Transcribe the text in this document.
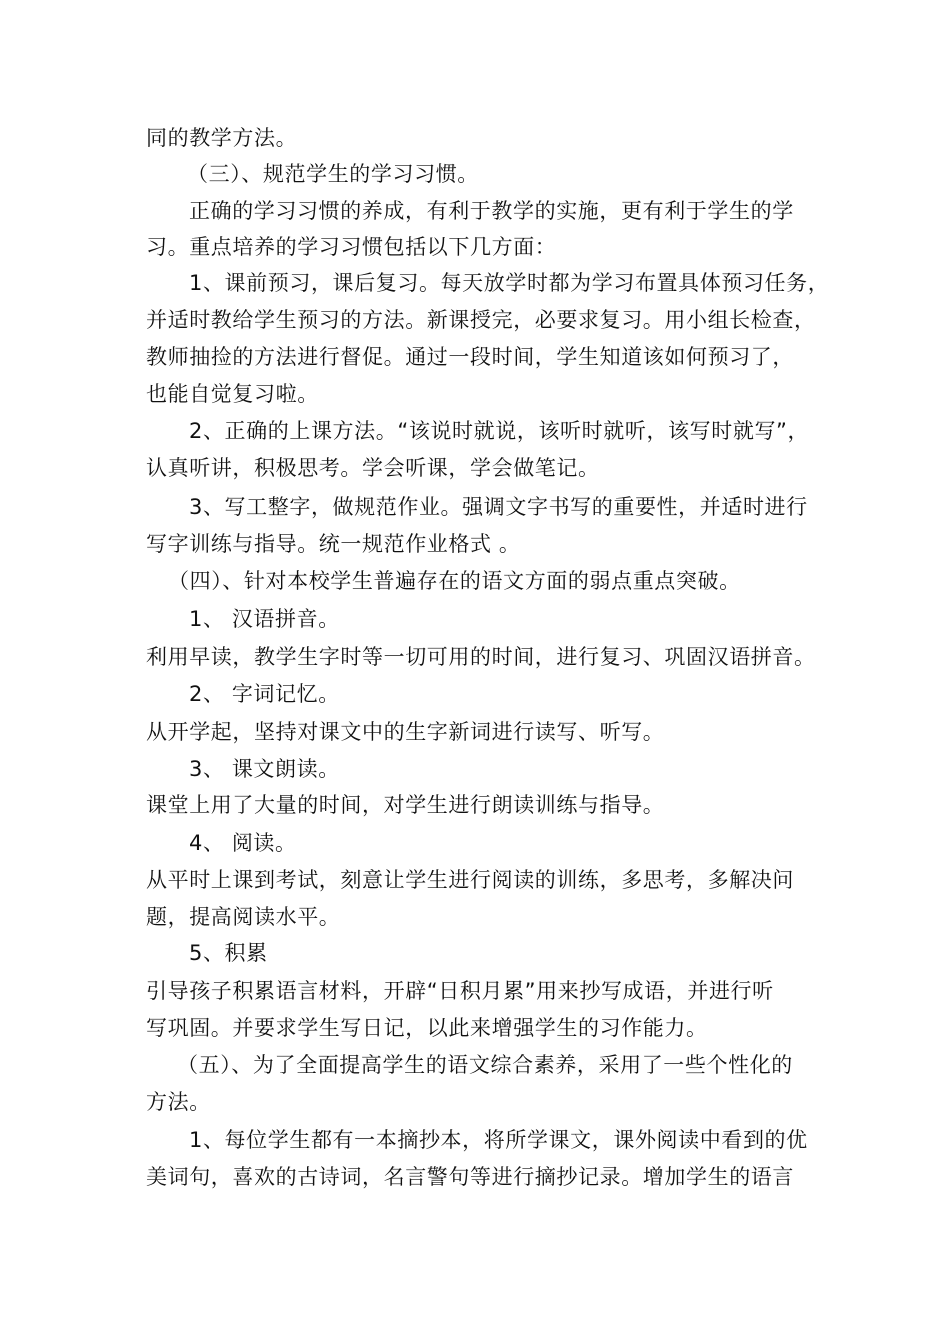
同的教学方法。
（三）、规范学生的学习习惯。
正确的学习习惯的养成，有利于教学的实施，更有利于学生的学
习。重点培养的学习习惯包括以下几方面：
1、课前预习，课后复习。每天放学时都为学习布置具体预习任务，
并适时教给学生预习的方法。新课授完，必要求复习。用小组长检查，
教师抽捡的方法进行督促。通过一段时间，学生知道该如何预习了，
也能自觉复习啦。
2、正确的上课方法。“该说时就说，该听时就听，该写时就写”，
认真听讲，积极思考。学会听课，学会做笔记。
3、写工整字，做规范作业。强调文字书写的重要性，并适时进行
写字训练与指导。统一规范作业格式 。
（四）、针对本校学生普遍存在的语文方面的弱点重点突破。
1、 汉语拼音。
利用早读，教学生字时等一切可用的时间，进行复习、巩固汉语拼音。
2、 字词记忆。
从开学起，坚持对课文中的生字新词进行读写、听写。
3、 课文朗读。
课堂上用了大量的时间，对学生进行朗读训练与指导。
4、 阅读。
从平时上课到考试，刻意让学生进行阅读的训练，多思考，多解决问
题，提高阅读水平。
5、积累
引导孩子积累语言材料，开辟“日积月累”用来抄写成语，并进行听
写巩固。并要求学生写日记，以此来增强学生的习作能力。
（五）、为了全面提高学生的语文综合素养，采用了一些个性化的
方法。
1、每位学生都有一本摘抄本，将所学课文，课外阅读中看到的优
美词句，喜欢的古诗词，名言警句等进行摘抄记录。增加学生的语言
